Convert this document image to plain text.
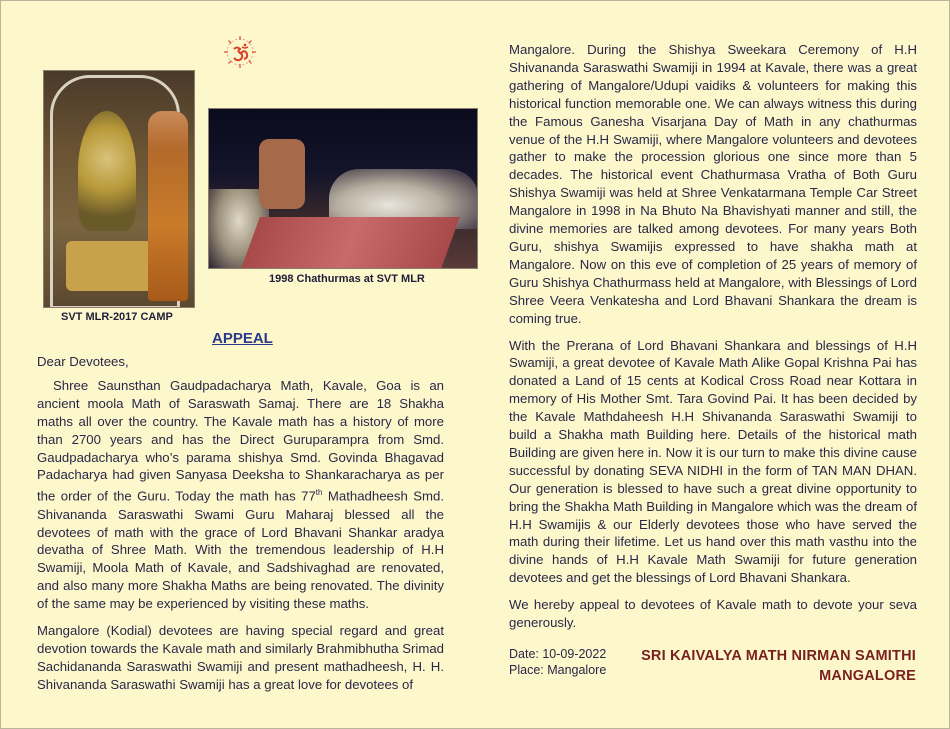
SVT MLR-2017 CAMP
1998 Chathurmas at SVT MLR
APPEAL
Dear Devotees,

Shree Saunsthan Gaudpadacharya Math, Kavale, Goa is an ancient moola Math of Saraswath Samaj. There are 18 Shakha maths all over the country. The Kavale math has a history of more than 2700 years and has the Direct Guruparamprа from Smd. Gaudpadacharya who’s parama shishya Smd. Govinda Bhagavad Padacharya had given Sanyasa Deeksha to Shankaracharya as per the order of the Guru. Today the math has 77th Mathadheesh Smd. Shivananda Saraswathi Swami Guru Maharaj blessed all the devotees of math with the grace of Lord Bhavani Shankar aradya devatha of Shree Math. With the tremendous leadership of H.H Swamiji, Moola Math of Kavale, and Sadshivaghad are renovated, and also many more Shakha Maths are being renovated. The divinity of the same may be experienced by visiting these maths.

Mangalore (Kodial) devotees are having special regard and great devotion towards the Kavale math and similarly Brahmibhutha Srimad Sachidananda Saraswathi Swamiji and present mathadheesh, H. H. Shivananda Saraswathi Swamiji has a great love for devotees of

Mangalore. During the Shishya Sweekara Ceremony of H.H Shivananda Saraswathi Swamiji in 1994 at Kavale, there was a great gathering of Mangalore/Udupi vaidiks & volunteers for making this historical function memorable one. We can always witness this during the Famous Ganesha Visarjana Day of Math in any chathurmas venue of the H.H Swamiji, where Mangalore volunteers and devotees gather to make the procession glorious one since more than 5 decades. The historical event Chathurmasa Vratha of Both Guru Shishya Swamiji was held at Shree Venkatarmana Temple Car Street Mangalore in 1998 in Na Bhuto Na Bhavishyati manner and still, the divine memories are talked among devotees. For many years Both Guru, shishya Swamijis expressed to have shakha math at Mangalore. Now on this eve of completion of 25 years of memory of Guru Shishya Chathurmass held at Mangalore, with Blessings of Lord Shree Veera Venkatesha and Lord Bhavani Shankara the dream is coming true.

With the Prerana of Lord Bhavani Shankara and blessings of H.H Swamiji, a great devotee of Kavale Math Alike Gopal Krishna Pai has donated a Land of 15 cents at Kodical Cross Road near Kottara in memory of His Mother Smt. Tara Govind Pai. It has been decided by the Kavale Mathdaheesh H.H Shivananda Saraswathi Swamiji to build a Shakha math Building here. Details of the historical math Building are given here in. Now it is our turn to make this divine cause successful by donating SEVA NIDHI in the form of TAN MAN DHAN. Our generation is blessed to have such a great divine opportunity to bring the Shakha Math Building in Mangalore which was the dream of H.H Swamijis & our Elderly devotees those who have served the math during their lifetime. Let us hand over this math vasthu into the divine hands of H.H Kavale Math Swamiji for future generation devotees and get the blessings of Lord Bhavani Shankara.

We hereby appeal to devotees of Kavale math to devote your seva generously.

Date: 10-09-2022
Place: Mangalore
SRI KAIVALYA MATH NIRMAN SAMITHI
MANGALORE
